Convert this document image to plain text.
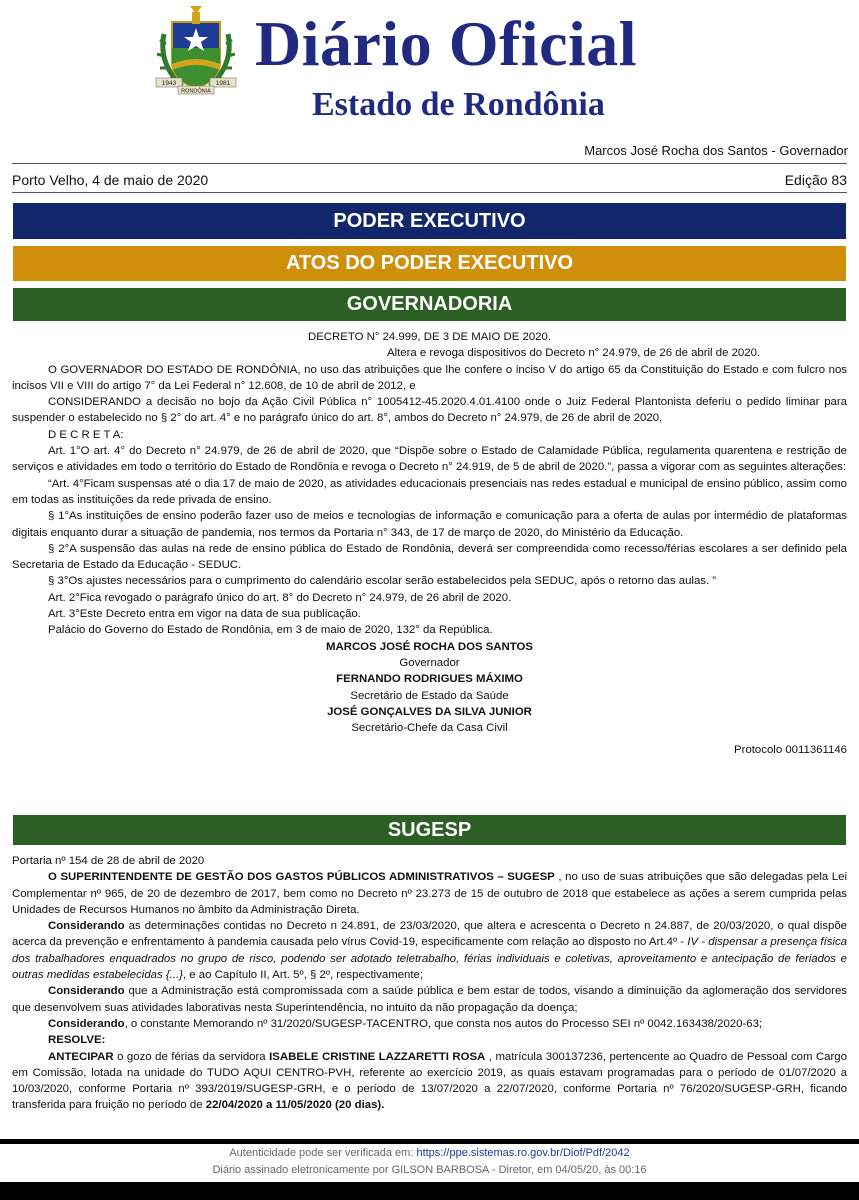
1943	1981
RONDÔNIA
Diário Oficial
Estado de Rondônia
Marcos José Rocha dos Santos - Governador
Porto Velho, 4 de maio de 2020	Edição 83
PODER EXECUTIVO
ATOS DO PODER EXECUTIVO
GOVERNADORIA

DECRETO N° 24.999, DE 3 DE MAIO DE 2020.

Altera e revoga dispositivos do Decreto n° 24.979, de 26 de abril de 2020.

O GOVERNADOR DO ESTADO DE RONDÔNIA, no uso das atribuições que lhe confere o inciso V do artigo 65 da Constituição do Estado e com fulcro nos incisos VII e VIII do artigo 7° da Lei Federal n° 12.608, de 10 de abril de 2012, e

CONSIDERANDO a decisão no bojo da Ação Civil Pública n° 1005412-45.2020.4.01.4100 onde o Juiz Federal Plantonista deferiu o pedido liminar para suspender o estabelecido no § 2° do art. 4° e no parágrafo único do art. 8°, ambos do Decreto n° 24.979, de 26 de abril de 2020,

D E C R E T A:

Art. 1°O art. 4° do Decreto n° 24.979, de 26 de abril de 2020, que “Dispõe sobre o Estado de Calamidade Pública, regulamenta quarentena e restrição de serviços e atividades em todo o território do Estado de Rondônia e revoga o Decreto n° 24.919, de 5 de abril de 2020.”, passa a vigorar com as seguintes alterações:

“Art. 4°Ficam suspensas até o dia 17 de maio de 2020, as atividades educacionais presenciais nas redes estadual e municipal de ensino público, assim como em todas as instituições da rede privada de ensino.

§ 1°As instituições de ensino poderão fazer uso de meios e tecnologias de informação e comunicação para a oferta de aulas por intermédio de plataformas digitais enquanto durar a situação de pandemia, nos termos da Portaria n° 343, de 17 de março de 2020, do Ministério da Educação.

§ 2°A suspensão das aulas na rede de ensino pública do Estado de Rondônia, deverá ser compreendida como recesso/férias escolares a ser definido pela Secretaria de Estado da Educação - SEDUC.

§ 3°Os ajustes necessários para o cumprimento do calendário escolar serão estabelecidos pela SEDUC, após o retorno das aulas. ”

Art. 2°Fica revogado o parágrafo único do art. 8° do Decreto n° 24.979, de 26 abril de 2020.

Art. 3°Este Decreto entra em vigor na data de sua publicação.

Palácio do Governo do Estado de Rondônia, em 3 de maio de 2020, 132° da República.

MARCOS JOSÉ ROCHA DOS SANTOS

Governador

FERNANDO RODRIGUES MÁXIMO

Secretário de Estado da Saúde

JOSÉ GONÇALVES DA SILVA JUNIOR

Secretário-Chefe da Casa Civil

Protocolo 0011361146

SUGESP

Portaria nº 154 de 28 de abril de 2020

O SUPERINTENDENTE DE GESTÃO DOS GASTOS PÚBLICOS ADMINISTRATIVOS – SUGESP , no uso de suas atribuições que são delegadas pela Lei Complementar nº 965, de 20 de dezembro de 2017, bem como no Decreto nº 23.273 de 15 de outubro de 2018 que estabelece as ações a serem cumprida pelas Unidades de Recursos Humanos no âmbito da Administração Direta.

Considerando as determinações contidas no Decreto n 24.891, de 23/03/2020, que altera e acrescenta o Decreto n 24.887, de 20/03/2020, o qual dispõe acerca da prevenção e enfrentamento à pandemia causada pelo vírus Covid-19, especificamente com relação ao disposto no Art.4º - IV - dispensar a presença física dos trabalhadores enquadrados no grupo de risco, podendo ser adotado teletrabalho, férias individuais e coletivas, aproveitamento e antecipação de feriados e outras medidas estabelecidas {...}, e ao Capítulo II, Art. 5º, § 2º, respectivamente;

Considerando que a Administração está compromissada com a saúde pública e bem estar de todos, visando a diminuição da aglomeração dos servidores que desenvolvem suas atividades laborativas nesta Superintendência, no intuito da não propagação da doença;

Considerando, o constante Memorando nº 31/2020/SUGESP-TACENTRO, que consta nos autos do Processo SEI nº 0042.163438/2020-63;

RESOLVE:

ANTECIPAR o gozo de férias da servidora ISABELE CRISTINE LAZZARETTI ROSA , matrícula 300137236, pertencente ao Quadro de Pessoal com Cargo em Comissão, lotada na unidade do TUDO AQUI CENTRO-PVH, referente ao exercício 2019, as quais estavam programadas para o período de 01/07/2020 a 10/03/2020, conforme Portaria nº 393/2019/SUGESP-GRH, e o período de 13/07/2020 a 22/07/2020, conforme Portaria nº 76/2020/SUGESP-GRH, ficando transferida para fruição no período de 22/04/2020 a 11/05/2020 (20 dias).

Autenticidade pode ser verificada em: https://ppe.sistemas.ro.gov.br/Diof/Pdf/2042
Diário assinado eletronicamente por GILSON BARBOSA - Diretor, em 04/05/20, às 00:16
